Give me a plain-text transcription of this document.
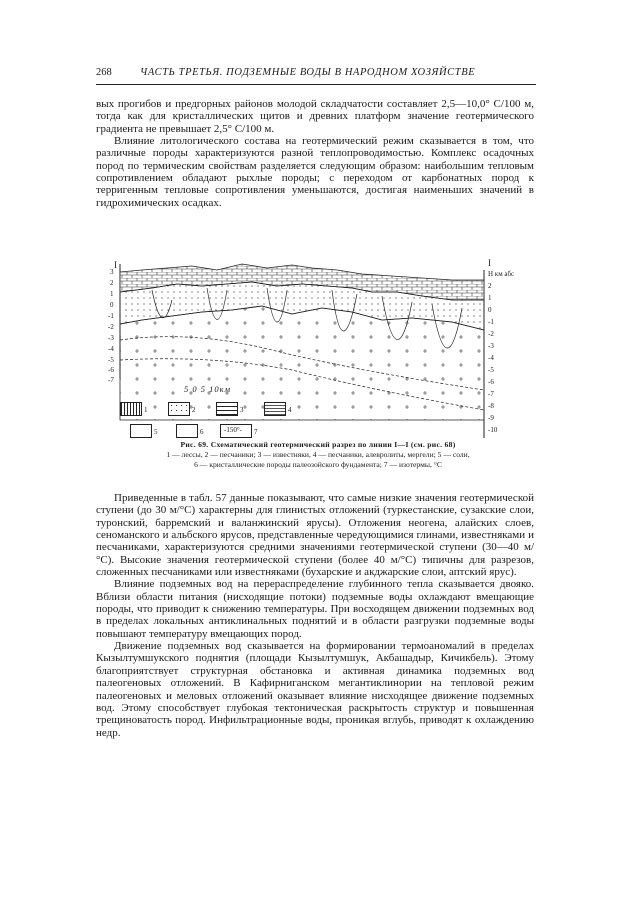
268	ЧАСТЬ ТРЕТЬЯ. ПОДЗЕМНЫЕ ВОДЫ В НАРОДНОМ ХОЗЯЙСТВЕ

вых прогибов и предгорных районов молодой складчатости составляет 2,5—10,0° С/100 м, тогда как для кристаллических щитов и древних платформ значение геотермического градиента не превышает 2,5° С/100 м.

Влияние литологического состава на геотермический режим сказывается в том, что различные породы характеризуются разной теплопроводимостью. Комплекс осадочных пород по термическим свойствам разделяется следующим образом: наибольшим тепловым сопротивлением обладают рыхлые породы; с переходом от карбонатных пород к терригенным тепловые сопротивления уменьшаются, достигая наименьших значений в гидрохимических осадках.

I	I
Н км абс
3
2
1
0
-1
-2
-3
-4
-5
-6
-7
2
1
0
-1
-2
-3
-4
-5
-6
-7
-8
-9
-10
5 0 5 10км
1	2	3	4
5	6	-150°- 7
Рис. 69. Схематический геотермический разрез по линии I—I (см. рис. 68)
1 — лессы, 2 — песчаники; 3 — известняки, 4 — песчаники, алевролиты, мергели; 5 — соли,
6 — кристаллические породы палеозойского фундамента; 7 — изотермы, °С

Приведенные в табл. 57 данные показывают, что самые низкие значения геотермической ступени (до 30 м/°С) характерны для глинистых отложений (туркестанские, сузакские слои, туронский, барремский и валанжинский ярусы). Отложения неогена, алайских слоев, сеноманского и альбского ярусов, представленные чередующимися глинами, известняками и песчаниками, характеризуются средними значениями геотермической ступени (30—40 м/°С). Высокие значения геотермической ступени (более 40 м/°С) типичны для разрезов, сложенных песчаниками или известняками (бухарские и акджарские слои, аптский ярус).

Влияние подземных вод на перераспределение глубинного тепла сказывается двояко. Вблизи области питания (нисходящие потоки) подземные воды охлаждают вмещающие породы, что приводит к снижению температуры. При восходящем движении подземных вод в пределах локальных антиклинальных поднятий и в области разгрузки подземные воды повышают температуру вмещающих пород.

Движение подземных вод сказывается на формировании термоаномалий в пределах Кызылтумшукского поднятия (площади Кызылтумшук, Акбашадыр, Кичикбель). Этому благоприятствует структурная обстановка и активная динамика подземных вод палеогеновых отложений. В Кафирниганском мегантиклинории на тепловой режим палеогеновых и меловых отложений оказывает влияние нисходящее движение подземных вод. Этому способствует глубокая тектоническая раскрытость структур и повышенная трещиноватость пород. Инфильтрационные воды, проникая вглубь, приводят к охлаждению недр.
